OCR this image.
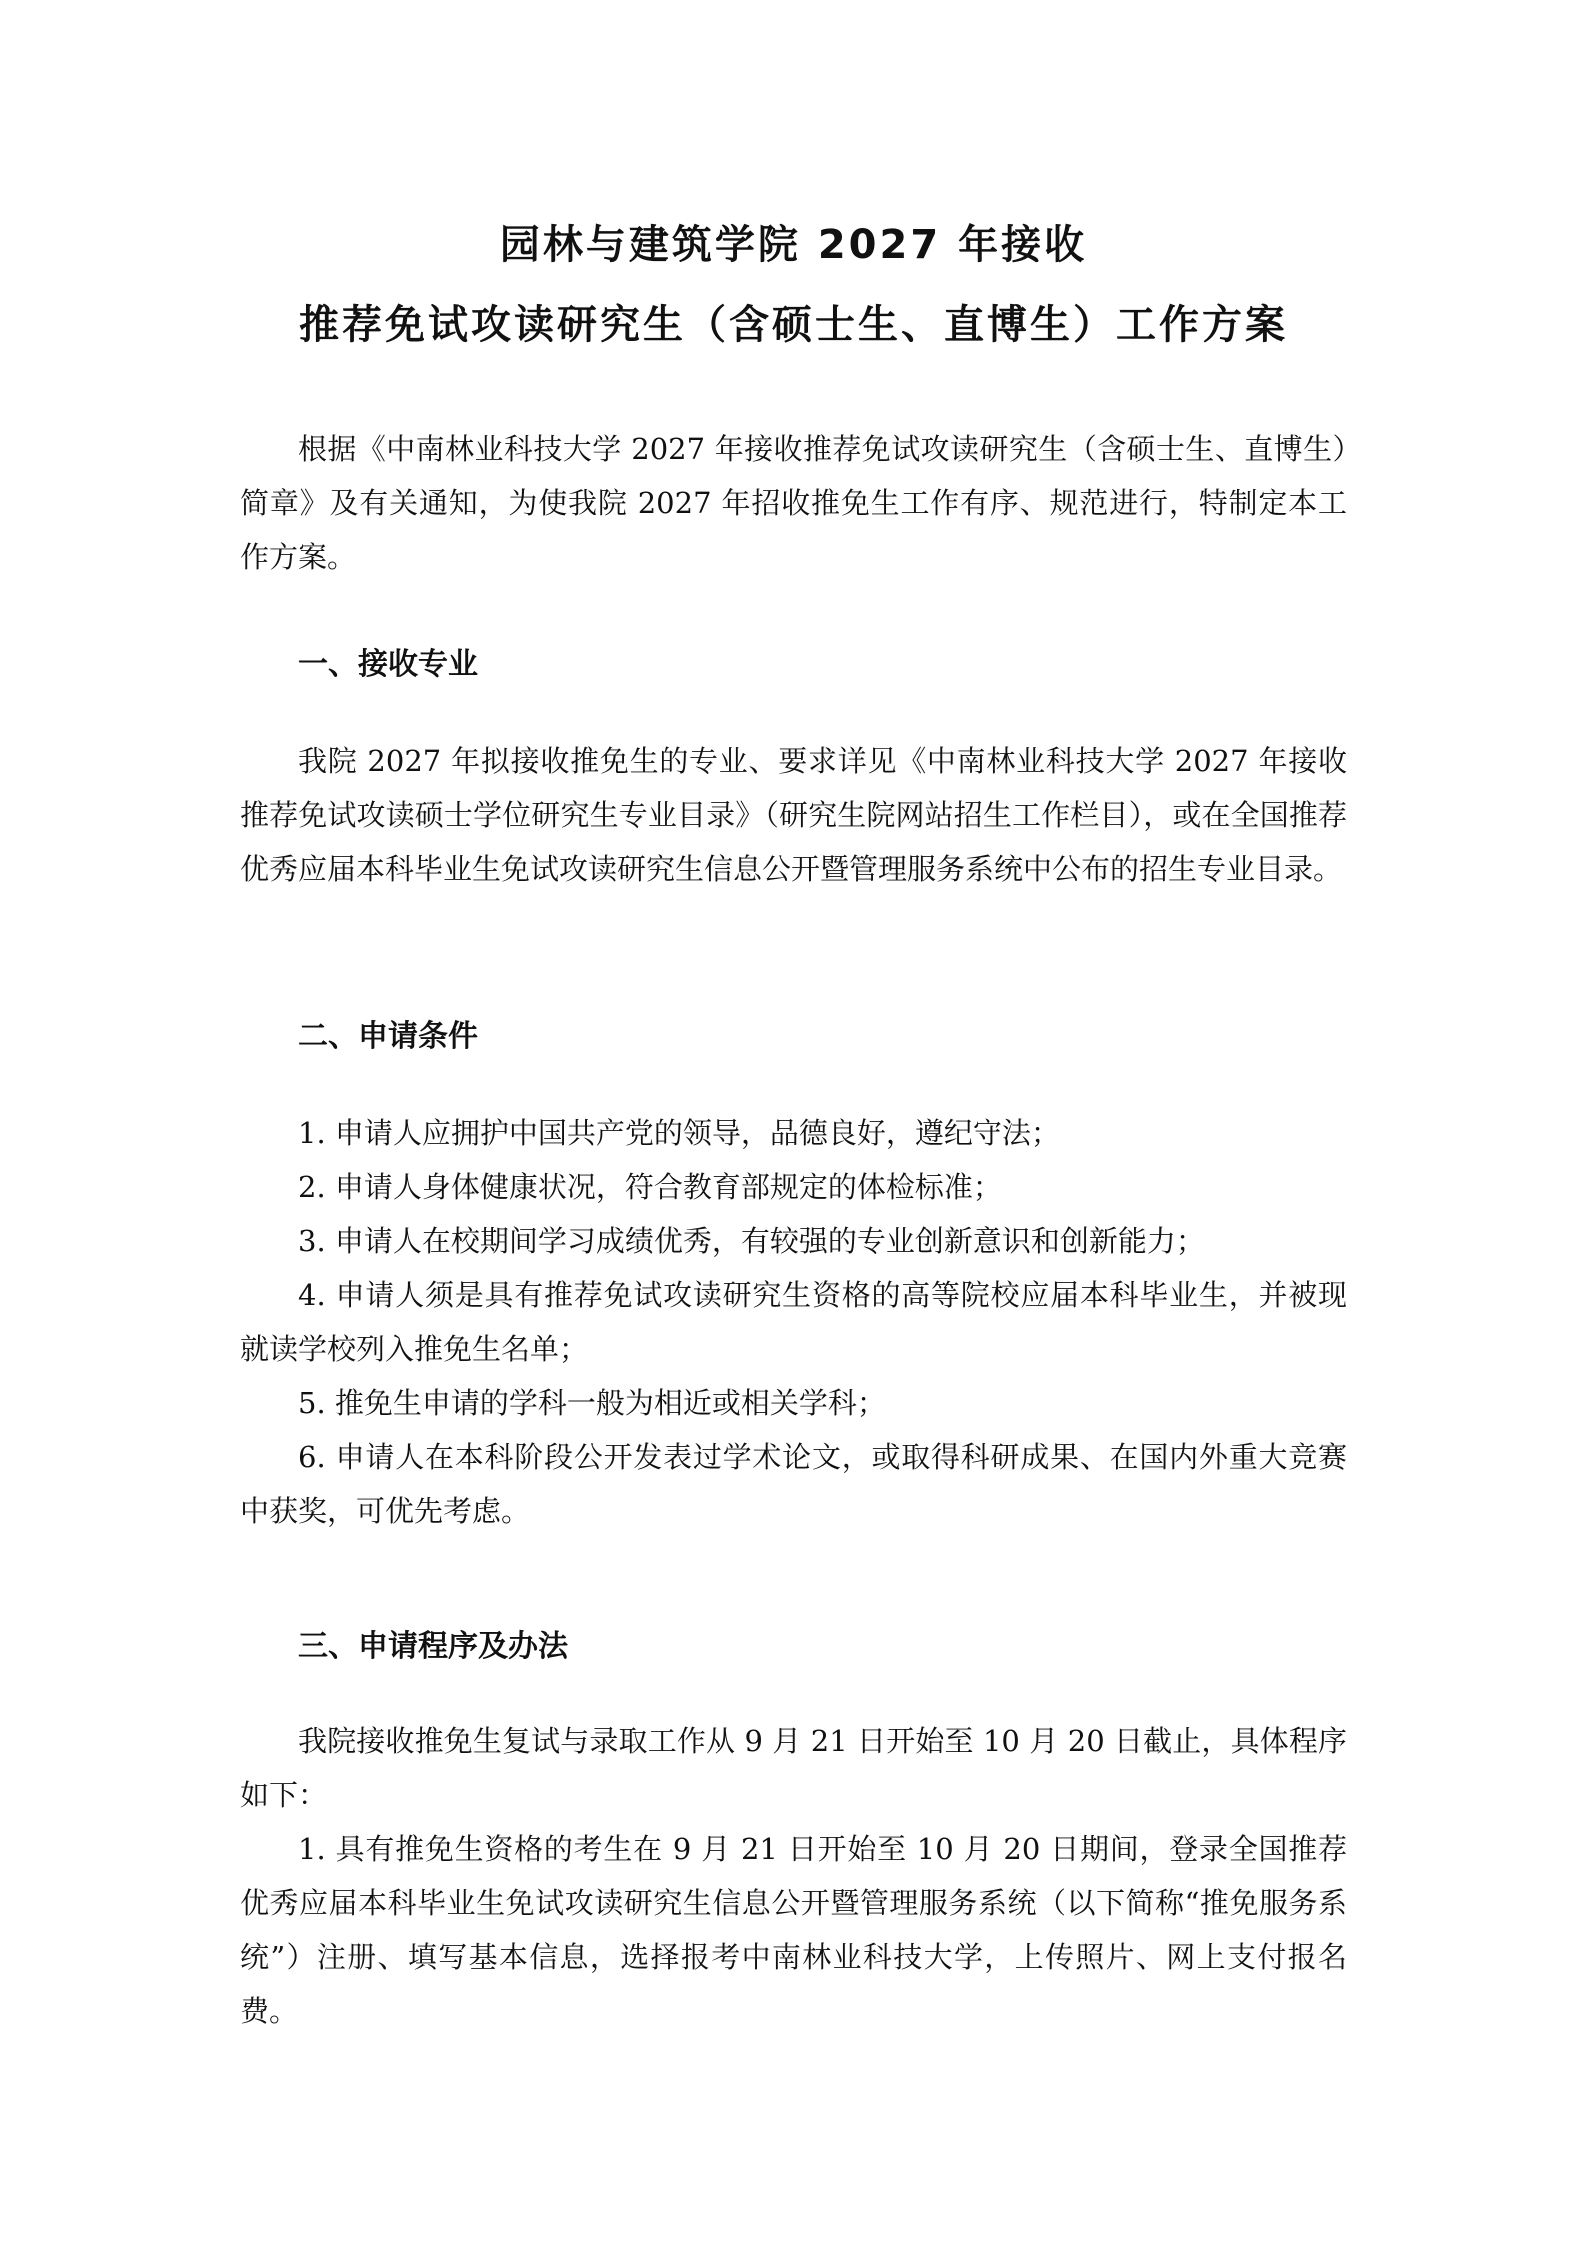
园林与建筑学院 2027 年接收
推荐免试攻读研究生（含硕士生、直博生）工作方案

根据《中南林业科技大学 2027 年接收推荐免试攻读研究生（含硕士生、直博生）简章》及有关通知，为使我院 2027 年招收推免生工作有序、规范进行，特制定本工作方案。

一、接收专业

我院 2027 年拟接收推免生的专业、要求详见《中南林业科技大学 2027 年接收推荐免试攻读硕士学位研究生专业目录》（研究生院网站招生工作栏目），或在全国推荐优秀应届本科毕业生免试攻读研究生信息公开暨管理服务系统中公布的招生专业目录。

二、申请条件

1. 申请人应拥护中国共产党的领导，品德良好，遵纪守法；

2. 申请人身体健康状况，符合教育部规定的体检标准；

3. 申请人在校期间学习成绩优秀，有较强的专业创新意识和创新能力；

4. 申请人须是具有推荐免试攻读研究生资格的高等院校应届本科毕业生，并被现就读学校列入推免生名单；

5. 推免生申请的学科一般为相近或相关学科；

6. 申请人在本科阶段公开发表过学术论文，或取得科研成果、在国内外重大竞赛中获奖，可优先考虑。

三、申请程序及办法

我院接收推免生复试与录取工作从 9 月 21 日开始至 10 月 20 日截止，具体程序如下：

1. 具有推免生资格的考生在 9 月 21 日开始至 10 月 20 日期间，登录全国推荐优秀应届本科毕业生免试攻读研究生信息公开暨管理服务系统（以下简称“推免服务系统”）注册、填写基本信息，选择报考中南林业科技大学，上传照片、网上支付报名费。
